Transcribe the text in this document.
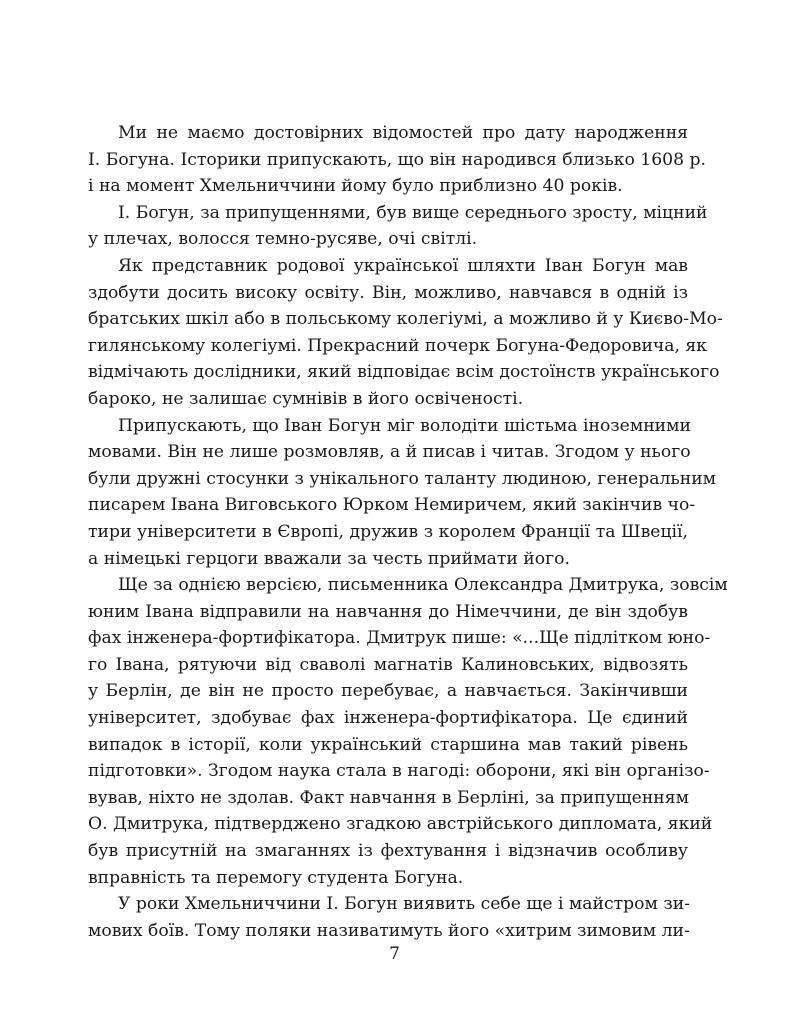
Ми не маємо достовірних відомостей про дату народження
І. Богуна. Історики припускають, що він народився близько 1608 р.
і на момент Хмельниччини йому було приблизно 40 років.
І. Богун, за припущеннями, був вище середнього зросту, міцний
у плечах, волосся темно-русяве, очі світлі.
Як представник родової української шляхти Іван Богун мав
здобути досить високу освіту. Він, можливо, навчався в одній із
братських шкіл або в польському колегіумі, а можливо й у Києво-Мо-
гилянському колегіумі. Прекрасний почерк Богуна-Федоровича, як
відмічають дослідники, який відповідає всім достоїнств українського
бароко, не залишає сумнівів в його освіченості.
Припускають, що Іван Богун міг володіти шістьма іноземними
мовами. Він не лише розмовляв, а й писав і читав. Згодом у нього
були дружні стосунки з унікального таланту людиною, генеральним
писарем Івана Виговського Юрком Немиричем, який закінчив чо-
тири університети в Європі, дружив з королем Франції та Швеції,
а німецькі герцоги вважали за честь приймати його.
Ще за однією версією, письменника Олександра Дмитрука, зовсім
юним Івана відправили на навчання до Німеччини, де він здобув
фах інженера-фортифікатора. Дмитрук пише: «...Ще підлітком юно-
го Івана, рятуючи від сваволі магнатів Калиновських, відвозять
у Берлін, де він не просто перебуває, а навчається. Закінчивши
університет, здобуває фах інженера-фортифікатора. Це єдиний
випадок в історії, коли український старшина мав такий рівень
підготовки». Згодом наука стала в нагоді: оборони, які він організо-
вував, ніхто не здолав. Факт навчання в Берліні, за припущенням
О. Дмитрука, підтверджено згадкою австрійського дипломата, який
був присутній на змаганнях із фехтування і відзначив особливу
вправність та перемогу студента Богуна.
У роки Хмельниччини І. Богун виявить себе ще і майстром зи-
мових боїв. Тому поляки називатимуть його «хитрим зимовим ли-
7
